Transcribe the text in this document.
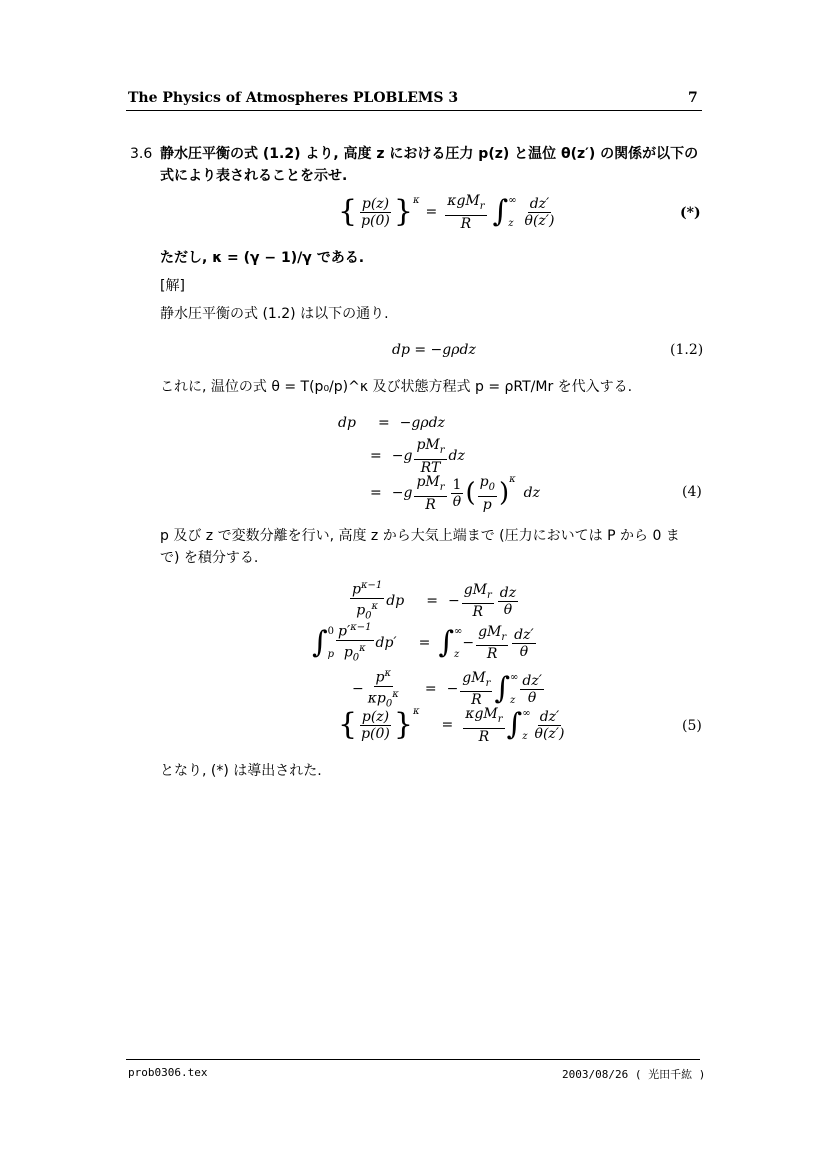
The Physics of Atmospheres PLOBLEMS 3	7
3.6 静水圧平衡の式 (1.2) より, 高度 z における圧力 p(z) と温位 θ(z′) の関係が以下の
式により表されることを示せ.
{ $\frac{p(z)}{p(0)} \}^\kappa$
= $\frac{\kappa gM_r}{R}$ ∫ ∞
z $\frac{dz'}{\theta(z')}$	(*)
ただし, κ = (γ − 1)/γ である.
[解]
静水圧平衡の式 (1.2) は以下の通り.
dp = −gρdz	(1.2)
これに, 温位の式 θ = T(p₀/p)^κ 及び状態方程式 p = ρRT/Mr を代入する.
dp = −gρdz
= $-g \frac{pM_r}{RT}$ dz
= $-g \frac{pM_r}{R} \frac{1}{\theta}$ ( $\frac{p_0}{p} )^\kappa$
dz	(4)
p 及び z で変数分離を行い, 高度 z から大気上端まで (圧力においては P から 0 ま
で) を積分する.
$\frac{p^{\kappa-1}}{p_0^\kappa}$ dp = − $\frac{gM_r}{R} \frac{dz}{\theta}$
∫ 0
p $\frac{p'^{\kappa-1}}{p_0^\kappa} dp'$ = ∫ ∞
z
− $\frac{gM_r}{R} \frac{dz'}{\theta}$
− $\frac{p^\kappa}{\kappa p_0^\kappa}$ = − $\frac{gM_r}{R}$ ∫ ∞
z $\frac{dz'}{\theta}$
{ $\frac{p(z)}{p(0)} \}^\kappa$
= $\frac{\kappa gM_r}{R}$ ∫ ∞
z $\frac{dz'}{\theta(z')}$	(5)
となり, (*) は導出された.
prob0306.tex	2003/08/26 ( 光田千紘 )
